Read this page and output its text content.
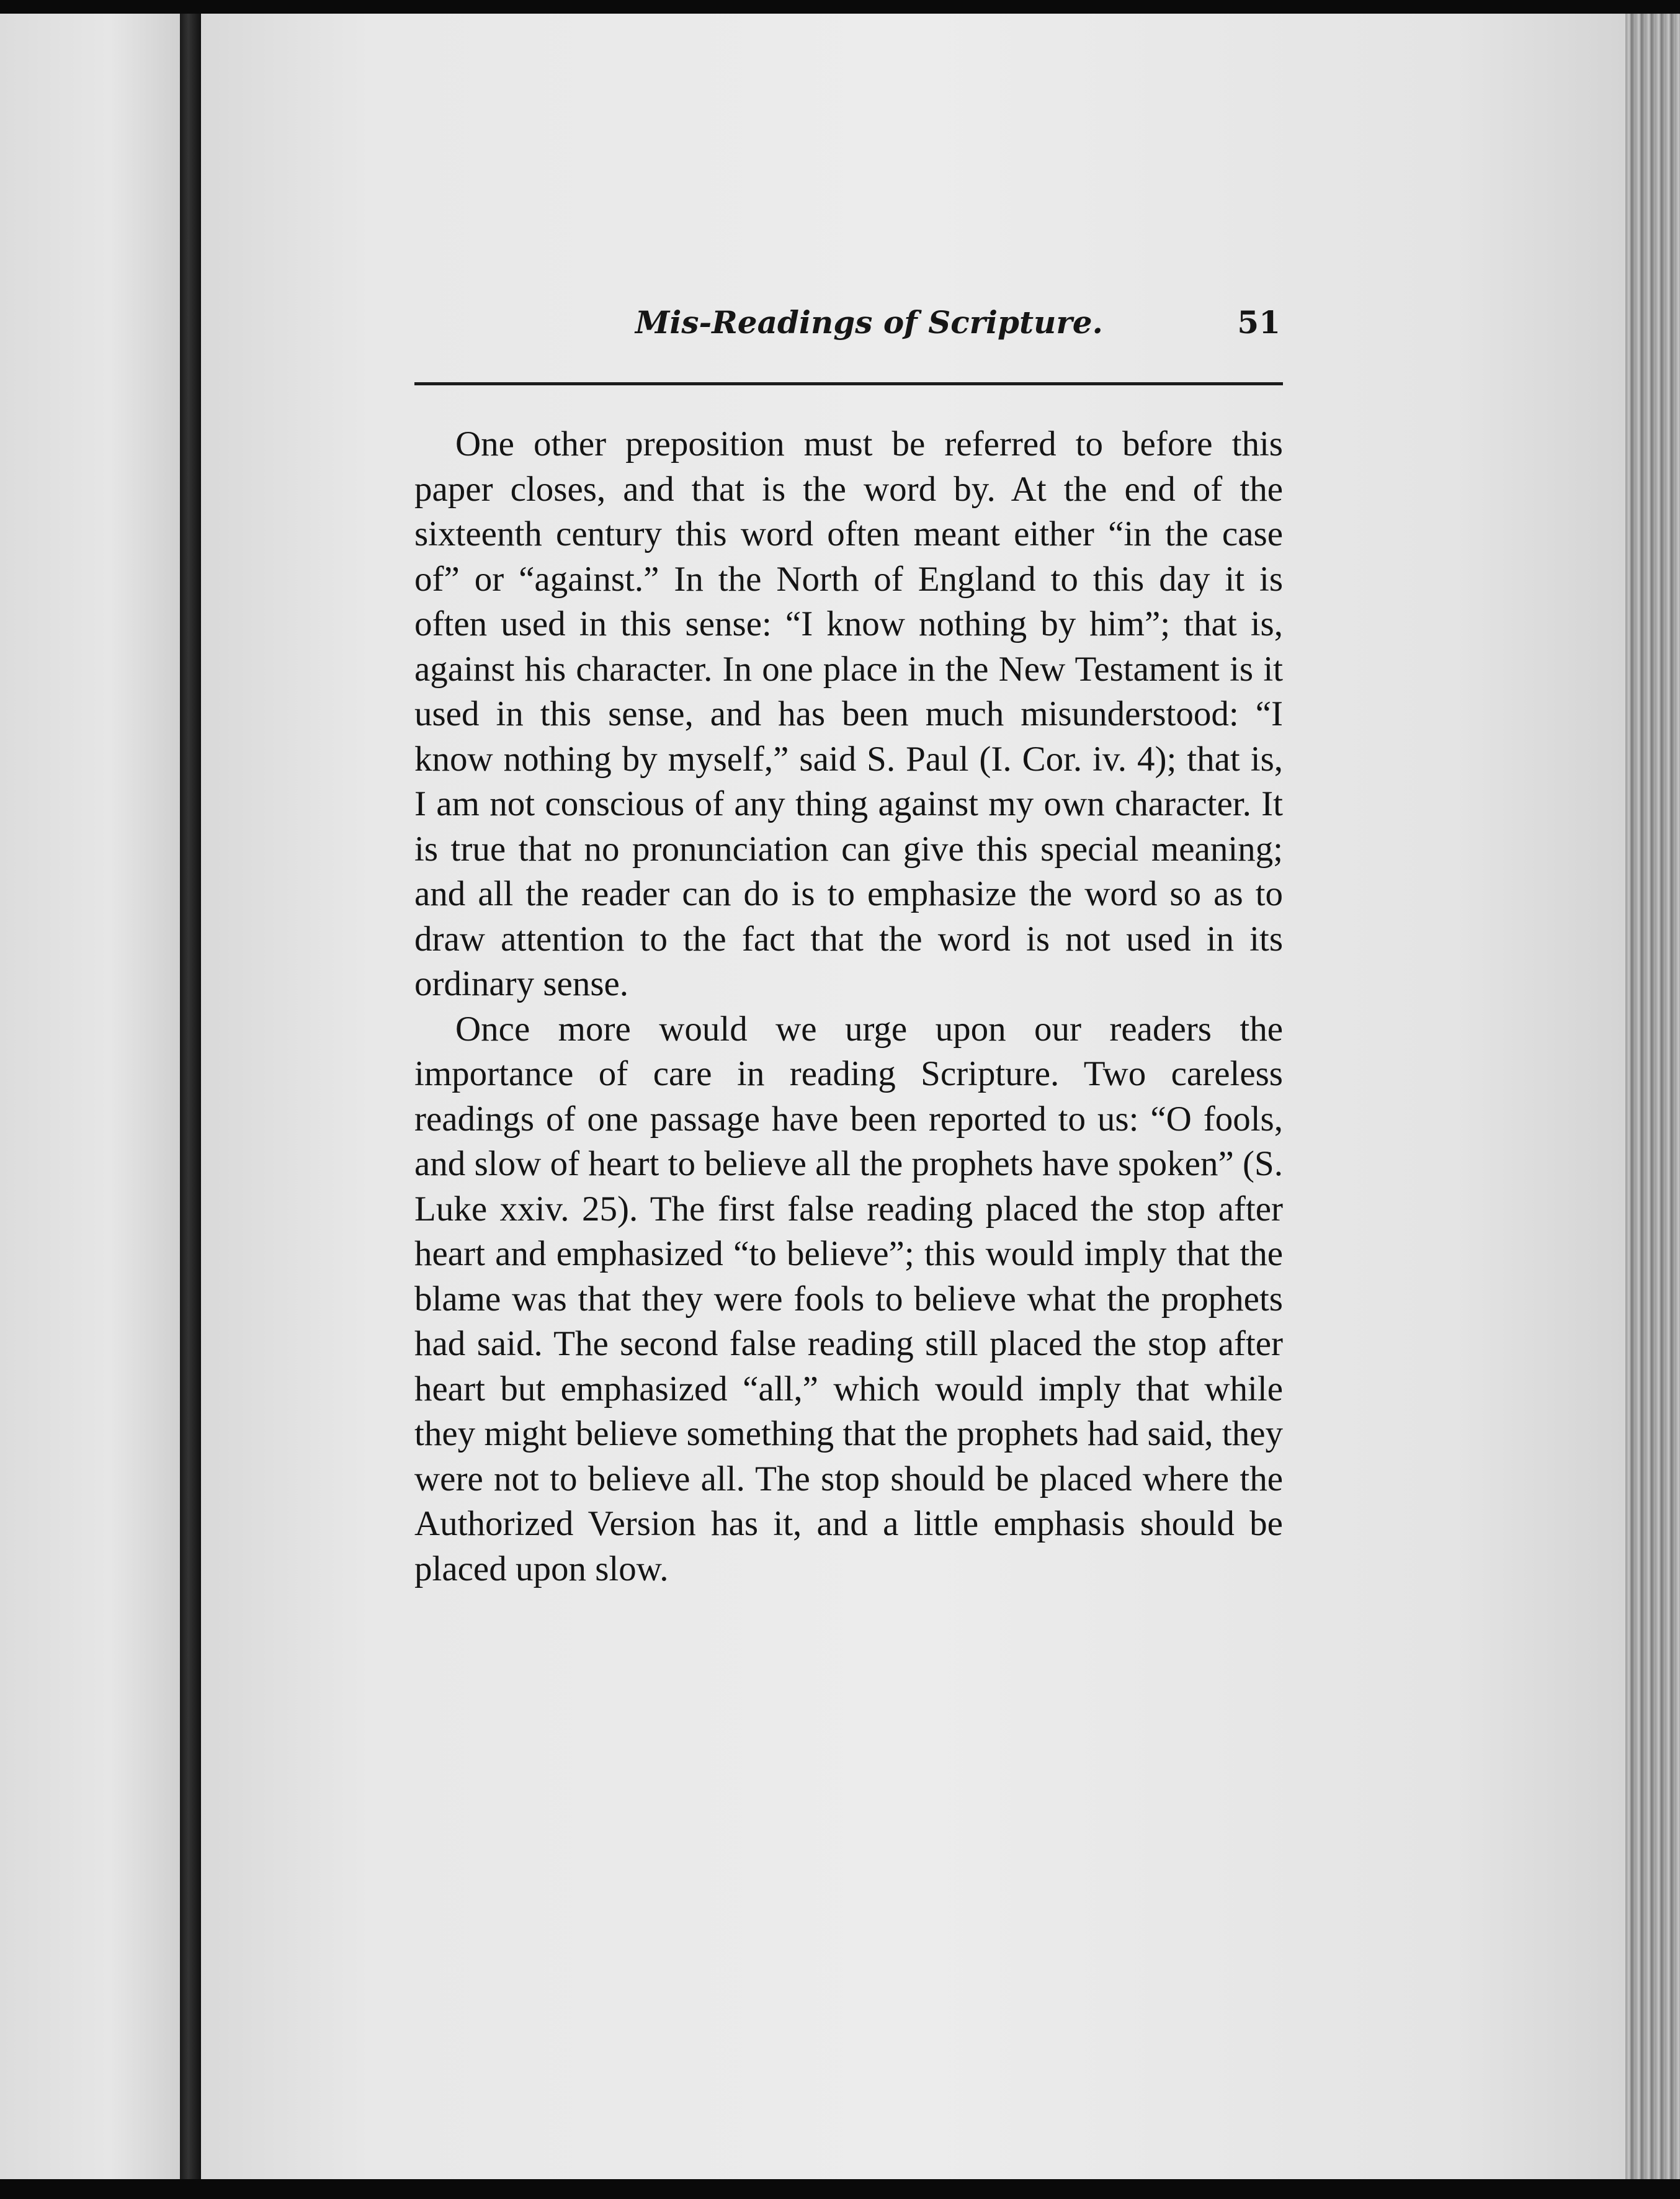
Mis-Readings of Scripture.	51

One other preposition must be referred to before this paper closes, and that is the word by. At the end of the sixteenth century this word often meant either “in the case of” or “against.” In the North of England to this day it is often used in this sense: “I know nothing by him”; that is, against his character. In one place in the New Testament is it used in this sense, and has been much misunderstood: “I know nothing by myself,” said S. Paul (I. Cor. iv. 4); that is, I am not conscious of any thing against my own character. It is true that no pronunciation can give this special meaning; and all the reader can do is to emphasize the word so as to draw attention to the fact that the word is not used in its ordinary sense.

Once more would we urge upon our readers the importance of care in reading Scripture. Two careless readings of one passage have been reported to us: “O fools, and slow of heart to believe all the prophets have spoken” (S. Luke xxiv. 25). The first false reading placed the stop after heart and emphasized “to believe”; this would imply that the blame was that they were fools to believe what the prophets had said. The second false reading still placed the stop after heart but emphasized “all,” which would imply that while they might believe something that the prophets had said, they were not to believe all. The stop should be placed where the Authorized Version has it, and a little emphasis should be placed upon slow.
